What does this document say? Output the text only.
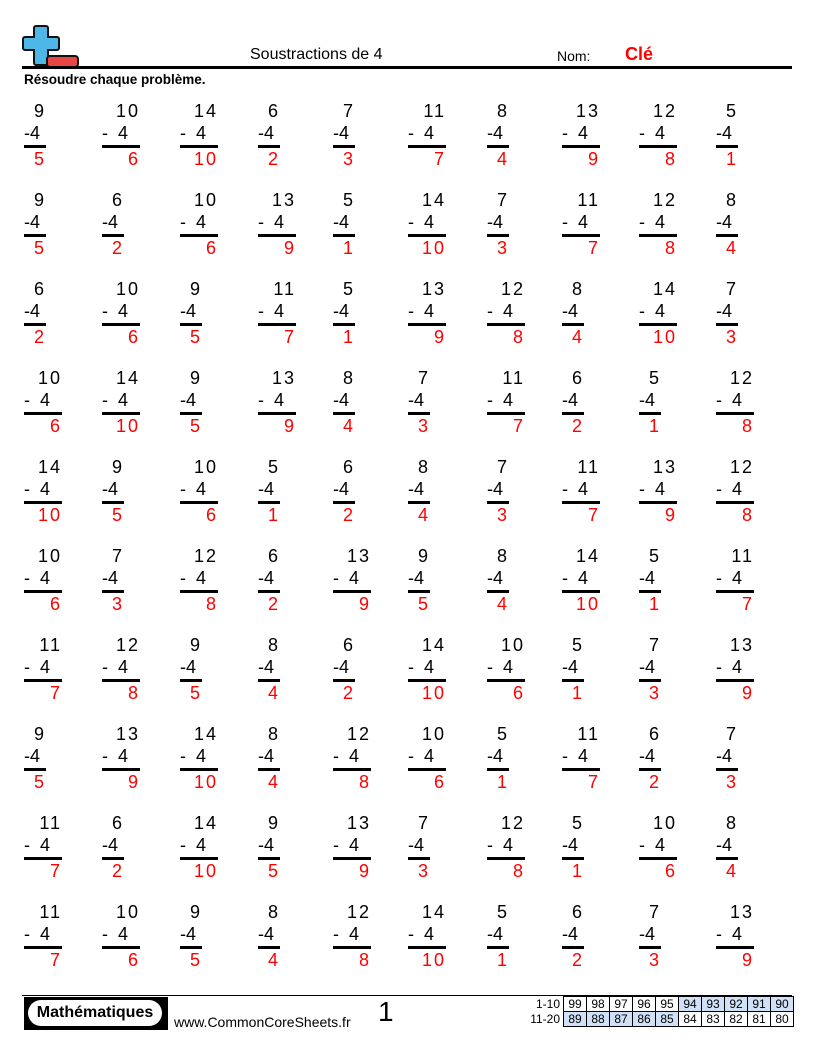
Soustractions de 4	Nom: Clé
Résoudre chaque problème.
9
-4
5
10
-  4
6
14
-  4
10
6
-4
2
7
-4
3
11
-  4
7
8
-4
4
13
-  4
9
12
-  4
8
5
-4
1
9
-4
5
6
-4
2
10
-  4
6
13
-  4
9
5
-4
1
14
-  4
10
7
-4
3
11
-  4
7
12
-  4
8
8
-4
4
6
-4
2
10
-  4
6
9
-4
5
11
-  4
7
5
-4
1
13
-  4
9
12
-  4
8
8
-4
4
14
-  4
10
7
-4
3
10
-  4
6
14
-  4
10
9
-4
5
13
-  4
9
8
-4
4
7
-4
3
11
-  4
7
6
-4
2
5
-4
1
12
-  4
8
14
-  4
10
9
-4
5
10
-  4
6
5
-4
1
6
-4
2
8
-4
4
7
-4
3
11
-  4
7
13
-  4
9
12
-  4
8
10
-  4
6
7
-4
3
12
-  4
8
6
-4
2
13
-  4
9
9
-4
5
8
-4
4
14
-  4
10
5
-4
1
11
-  4
7
11
-  4
7
12
-  4
8
9
-4
5
8
-4
4
6
-4
2
14
-  4
10
10
-  4
6
5
-4
1
7
-4
3
13
-  4
9
9
-4
5
13
-  4
9
14
-  4
10
8
-4
4
12
-  4
8
10
-  4
6
5
-4
1
11
-  4
7
6
-4
2
7
-4
3
11
-  4
7
6
-4
2
14
-  4
10
9
-4
5
13
-  4
9
7
-4
3
12
-  4
8
5
-4
1
10
-  4
6
8
-4
4
11
-  4
7
10
-  4
6
9
-4
5
8
-4
4
12
-  4
8
14
-  4
10
5
-4
1
6
-4
2
7
-4
3
13
-  4
9
Mathématiques
www.CommonCoreSheets.fr 1	1-10	99	98	97	96	95	94	93	92	91	90
11-20	89	88	87	86	85	84	83	82	81	80
